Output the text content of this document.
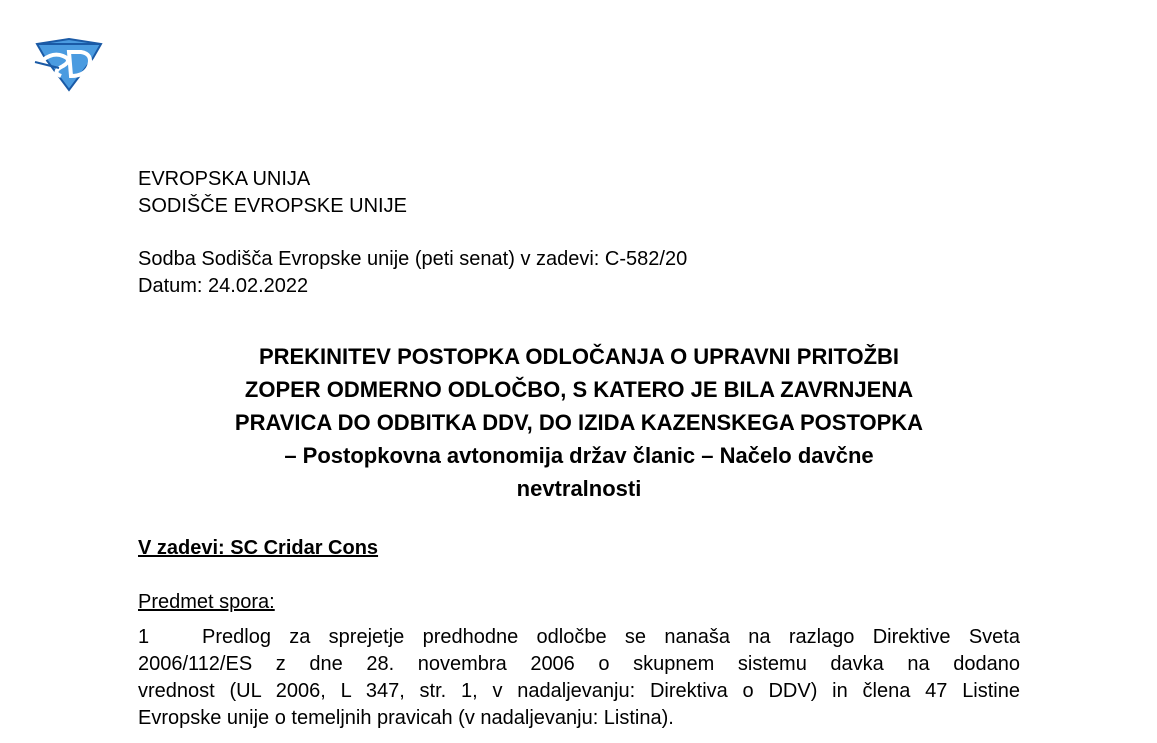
EVROPSKA UNIJA
SODIŠČE EVROPSKE UNIJE
Sodba Sodišča Evropske unije (peti senat) v zadevi: C-582/20
Datum: 24.02.2022
PREKINITEV POSTOPKA ODLOČANJA O UPRAVNI PRITOŽBI
ZOPER ODMERNO ODLOČBO, S KATERO JE BILA ZAVRNJENA
PRAVICA DO ODBITKA DDV, DO IZIDA KAZENSKEGA POSTOPKA
– Postopkovna avtonomija držav članic – Načelo davčne
nevtralnosti
V zadevi: SC Cridar Cons
Predmet spora:
1	Predlog za sprejetje predhodne odločbe se nanaša na razlago Direktive Sveta
2006/112/ES z dne 28. novembra 2006 o skupnem sistemu davka na dodano
vrednost (UL 2006, L 347, str. 1, v nadaljevanju: Direktiva o DDV) in člena 47 Listine
Evropske unije o temeljnih pravicah (v nadaljevanju: Listina).
